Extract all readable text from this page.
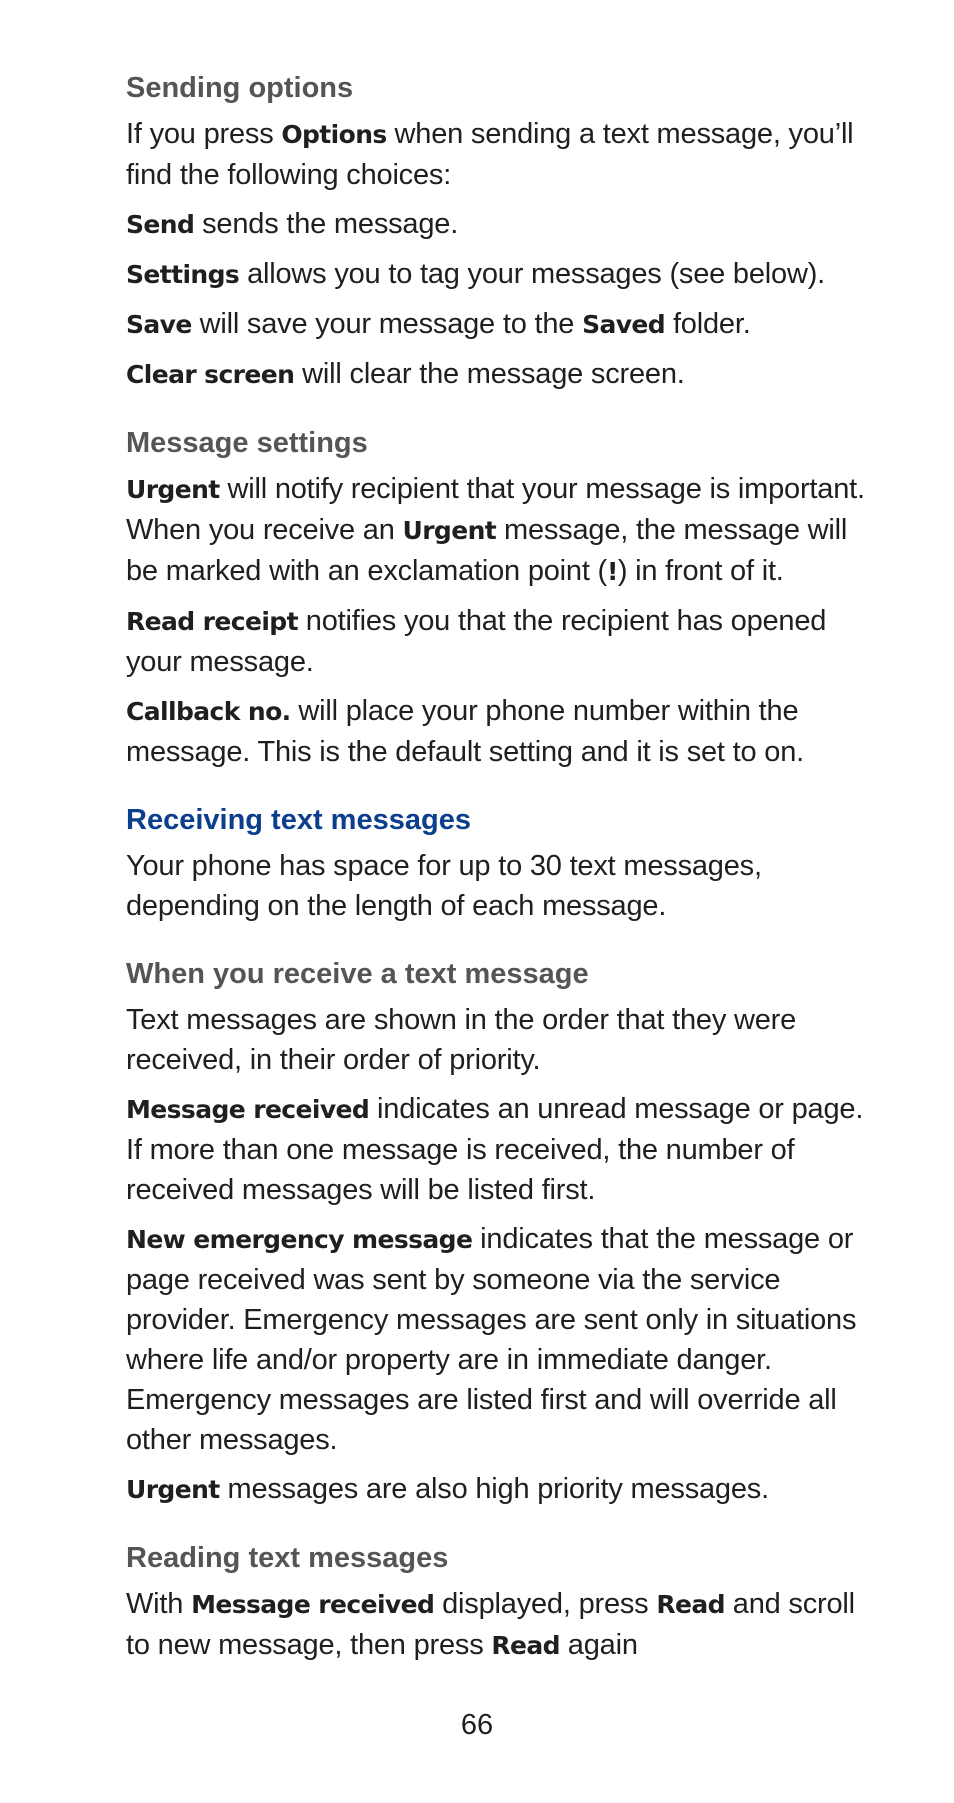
Sending options

If you press Options when sending a text message, you’ll find the following choices:

Send sends the message.

Settings allows you to tag your messages (see below).

Save will save your message to the Saved folder.

Clear screen will clear the message screen.

Message settings

Urgent will notify recipient that your message is important. When you receive an Urgent message, the message will be marked with an exclamation point (!) in front of it.

Read receipt notifies you that the recipient has opened your message.

Callback no. will place your phone number within the message. This is the default setting and it is set to on.

Receiving text messages

Your phone has space for up to 30 text messages, depending on the length of each message.

When you receive a text message

Text messages are shown in the order that they were received, in their order of priority.

Message received indicates an unread message or page. If more than one message is received, the number of received messages will be listed first.

New emergency message indicates that the message or page received was sent by someone via the service provider. Emergency messages are sent only in situations where life and/or property are in immediate danger. Emergency messages are listed first and will override all other messages.

Urgent messages are also high priority messages.

Reading text messages

With Message received displayed, press Read and scroll to new message, then press Read again

66
